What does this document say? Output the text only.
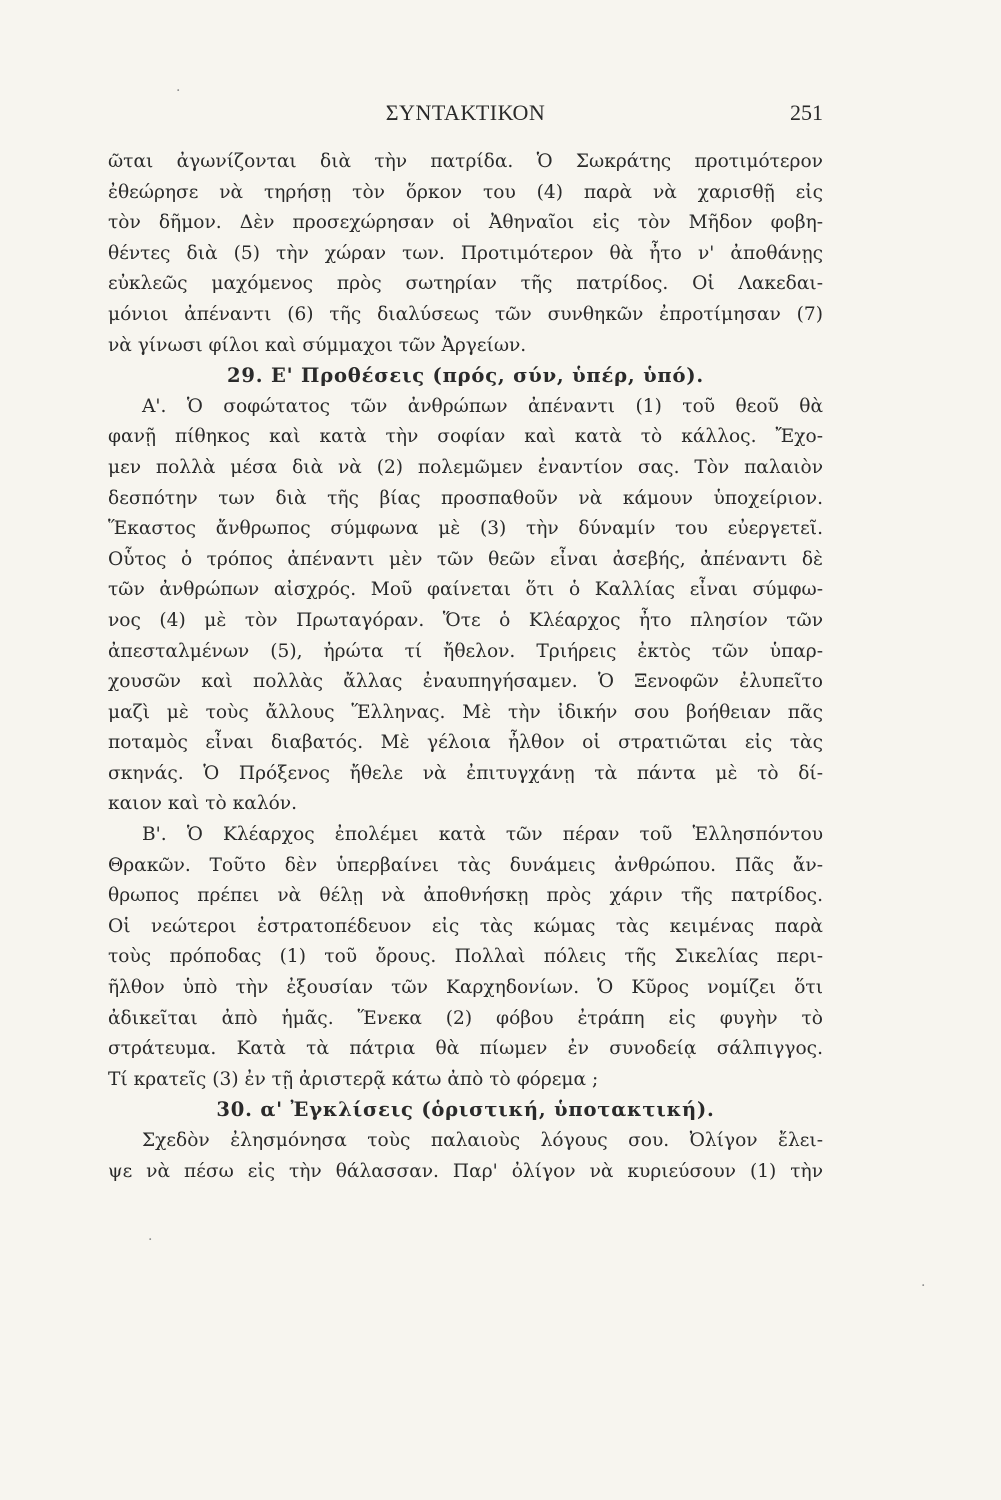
ΣΥΝΤΑΚΤΙΚΟΝ	251
ῶται ἀγωνίζονται διὰ τὴν πατρίδα. Ὁ Σωκράτης προτιμότερον
ἐθεώρησε νὰ τηρήσῃ τὸν ὅρκον του (4) παρὰ νὰ χαρισθῇ εἰς
τὸν δῆμον. Δὲν προσεχώρησαν οἱ Ἀθηναῖοι εἰς τὸν Μῆδον φοβη-
θέντες διὰ (5) τὴν χώραν των. Προτιμότερον θὰ ἦτο ν' ἀποθάνῃς
εὐκλεῶς μαχόμενος πρὸς σωτηρίαν τῆς πατρίδος. Οἱ Λακεδαι-
μόνιοι ἀπέναντι (6) τῆς διαλύσεως τῶν συνθηκῶν ἐπροτίμησαν (7)
νὰ γίνωσι φίλοι καὶ σύμμαχοι τῶν Ἀργείων.
29. Ε' Προθέσεις (πρός, σύν, ὑπέρ, ὑπό).
Α'. Ὁ σοφώτατος τῶν ἀνθρώπων ἀπέναντι (1) τοῦ θεοῦ θὰ
φανῇ πίθηκος καὶ κατὰ τὴν σοφίαν καὶ κατὰ τὸ κάλλος. Ἔχο-
μεν πολλὰ μέσα διὰ νὰ (2) πολεμῶμεν ἐναντίον σας. Τὸν παλαιὸν
δεσπότην των διὰ τῆς βίας προσπαθοῦν νὰ κάμουν ὑποχείριον.
Ἕκαστος ἄνθρωπος σύμφωνα μὲ (3) τὴν δύναμίν του εὐεργετεῖ.
Οὗτος ὁ τρόπος ἀπέναντι μὲν τῶν θεῶν εἶναι ἀσεβής, ἀπέναντι δὲ
τῶν ἀνθρώπων αἰσχρός. Μοῦ φαίνεται ὅτι ὁ Καλλίας εἶναι σύμφω-
νος (4) μὲ τὸν Πρωταγόραν. Ὅτε ὁ Κλέαρχος ἦτο πλησίον τῶν
ἀπεσταλμένων (5), ἠρώτα τί ἤθελον. Τριήρεις ἐκτὸς τῶν ὑπαρ-
χουσῶν καὶ πολλὰς ἄλλας ἐναυπηγήσαμεν. Ὁ Ξενοφῶν ἐλυπεῖτο
μαζὶ μὲ τοὺς ἄλλους Ἕλληνας. Μὲ τὴν ἰδικήν σου βοήθειαν πᾶς
ποταμὸς εἶναι διαβατός. Μὲ γέλοια ἦλθον οἱ στρατιῶται εἰς τὰς
σκηνάς. Ὁ Πρόξενος ἤθελε νὰ ἐπιτυγχάνῃ τὰ πάντα μὲ τὸ δί-
καιον καὶ τὸ καλόν.
Β'. Ὁ Κλέαρχος ἐπολέμει κατὰ τῶν πέραν τοῦ Ἑλλησπόντου
Θρακῶν. Τοῦτο δὲν ὑπερβαίνει τὰς δυνάμεις ἀνθρώπου. Πᾶς ἄν-
θρωπος πρέπει νὰ θέλῃ νὰ ἀποθνήσκῃ πρὸς χάριν τῆς πατρίδος.
Οἱ νεώτεροι ἐστρατοπέδευον εἰς τὰς κώμας τὰς κειμένας παρὰ
τοὺς πρόποδας (1) τοῦ ὄρους. Πολλαὶ πόλεις τῆς Σικελίας περι-
ῆλθον ὑπὸ τὴν ἐξουσίαν τῶν Καρχηδονίων. Ὁ Κῦρος νομίζει ὅτι
ἀδικεῖται ἀπὸ ἡμᾶς. Ἕνεκα (2) φόβου ἐτράπη εἰς φυγὴν τὸ
στράτευμα. Κατὰ τὰ πάτρια θὰ πίωμεν ἐν συνοδείᾳ σάλπιγγος.
Τί κρατεῖς (3) ἐν τῇ ἀριστερᾷ κάτω ἀπὸ τὸ φόρεμα ;
30. α' Ἐγκλίσεις (ὁριστική, ὑποτακτική).
Σχεδὸν ἐλησμόνησα τοὺς παλαιοὺς λόγους σου. Ὀλίγον ἔλει-
ψε νὰ πέσω εἰς τὴν θάλασσαν. Παρ' ὀλίγον νὰ κυριεύσουν (1) τὴν
·
·
·
